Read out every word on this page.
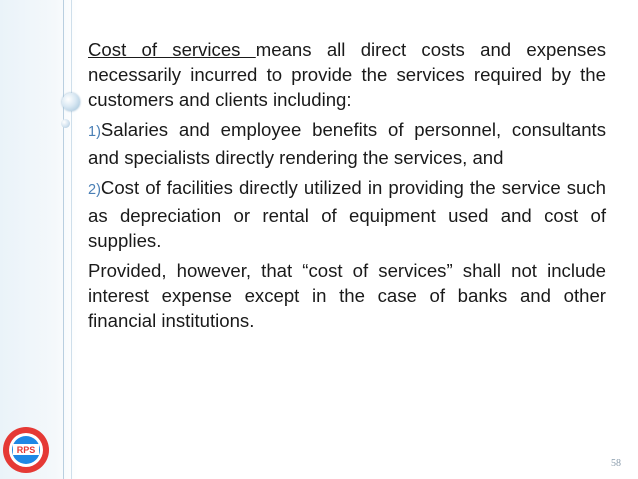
Cost of services means all direct costs and expenses necessarily incurred to provide the services required by the customers and clients including:

1)Salaries and employee benefits of personnel, consultants and specialists directly rendering the services, and

2)Cost of facilities directly utilized in providing the service such as depreciation or rental of equipment used and cost of supplies.

Provided, however, that “cost of services” shall not include interest expense except in the case of banks and other financial institutions.

RPS
58
